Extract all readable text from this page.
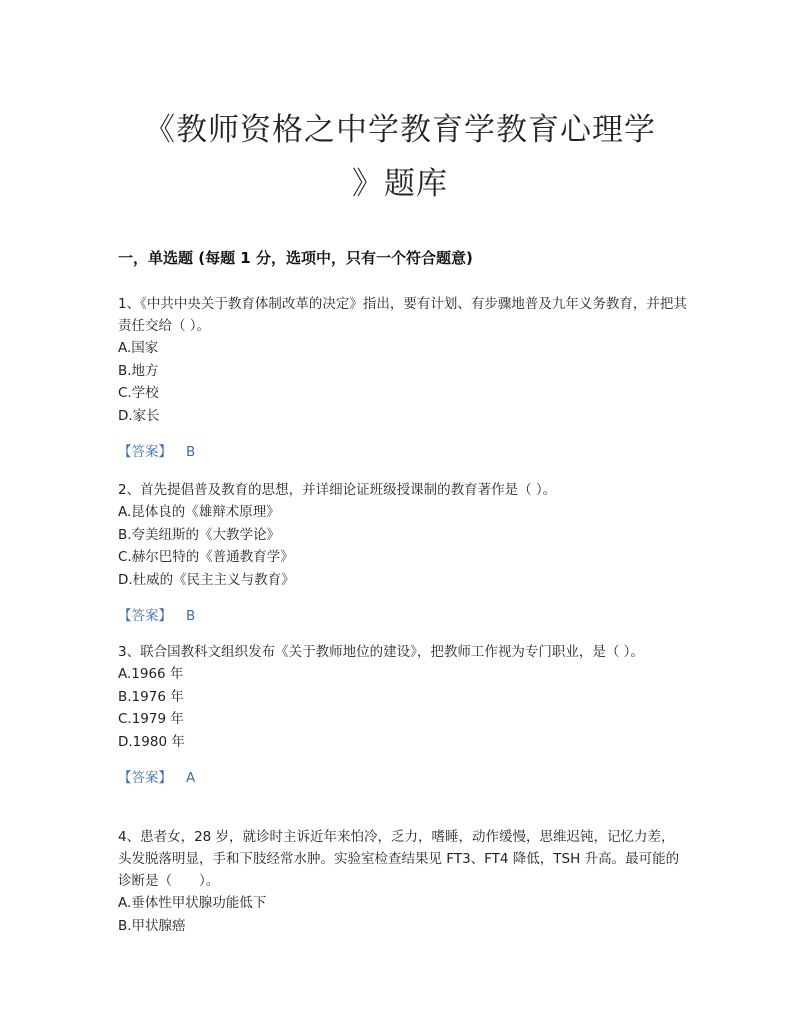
《教师资格之中学教育学教育心理学
》题库
一，单选题 (每题 1 分，选项中，只有一个符合题意)

1、《中共中央关于教育体制改革的决定》指出，要有计划、有步骤地普及九年义务教育，并把其责任交给（ ）。

A.国家

B.地方

C.学校

D.家长

【答案】 B

2、首先提倡普及教育的思想，并详细论证班级授课制的教育著作是（ ）。

A.昆体良的《雄辩术原理》

B.夸美纽斯的《大教学论》

C.赫尔巴特的《普通教育学》

D.杜威的《民主主义与教育》

【答案】 B

3、联合国教科文组织发布《关于教师地位的建设》，把教师工作视为专门职业，是（ ）。

A.1966 年

B.1976 年

C.1979 年

D.1980 年

【答案】 A

4、患者女，28 岁，就诊时主诉近年来怕冷，乏力，嗜睡，动作缓慢，思维迟钝，记忆力差，头发脱落明显，手和下肢经常水肿。实验室检查结果见 FT3、FT4 降低，TSH 升高。最可能的诊断是（　　）。

A.垂体性甲状腺功能低下

B.甲状腺癌
